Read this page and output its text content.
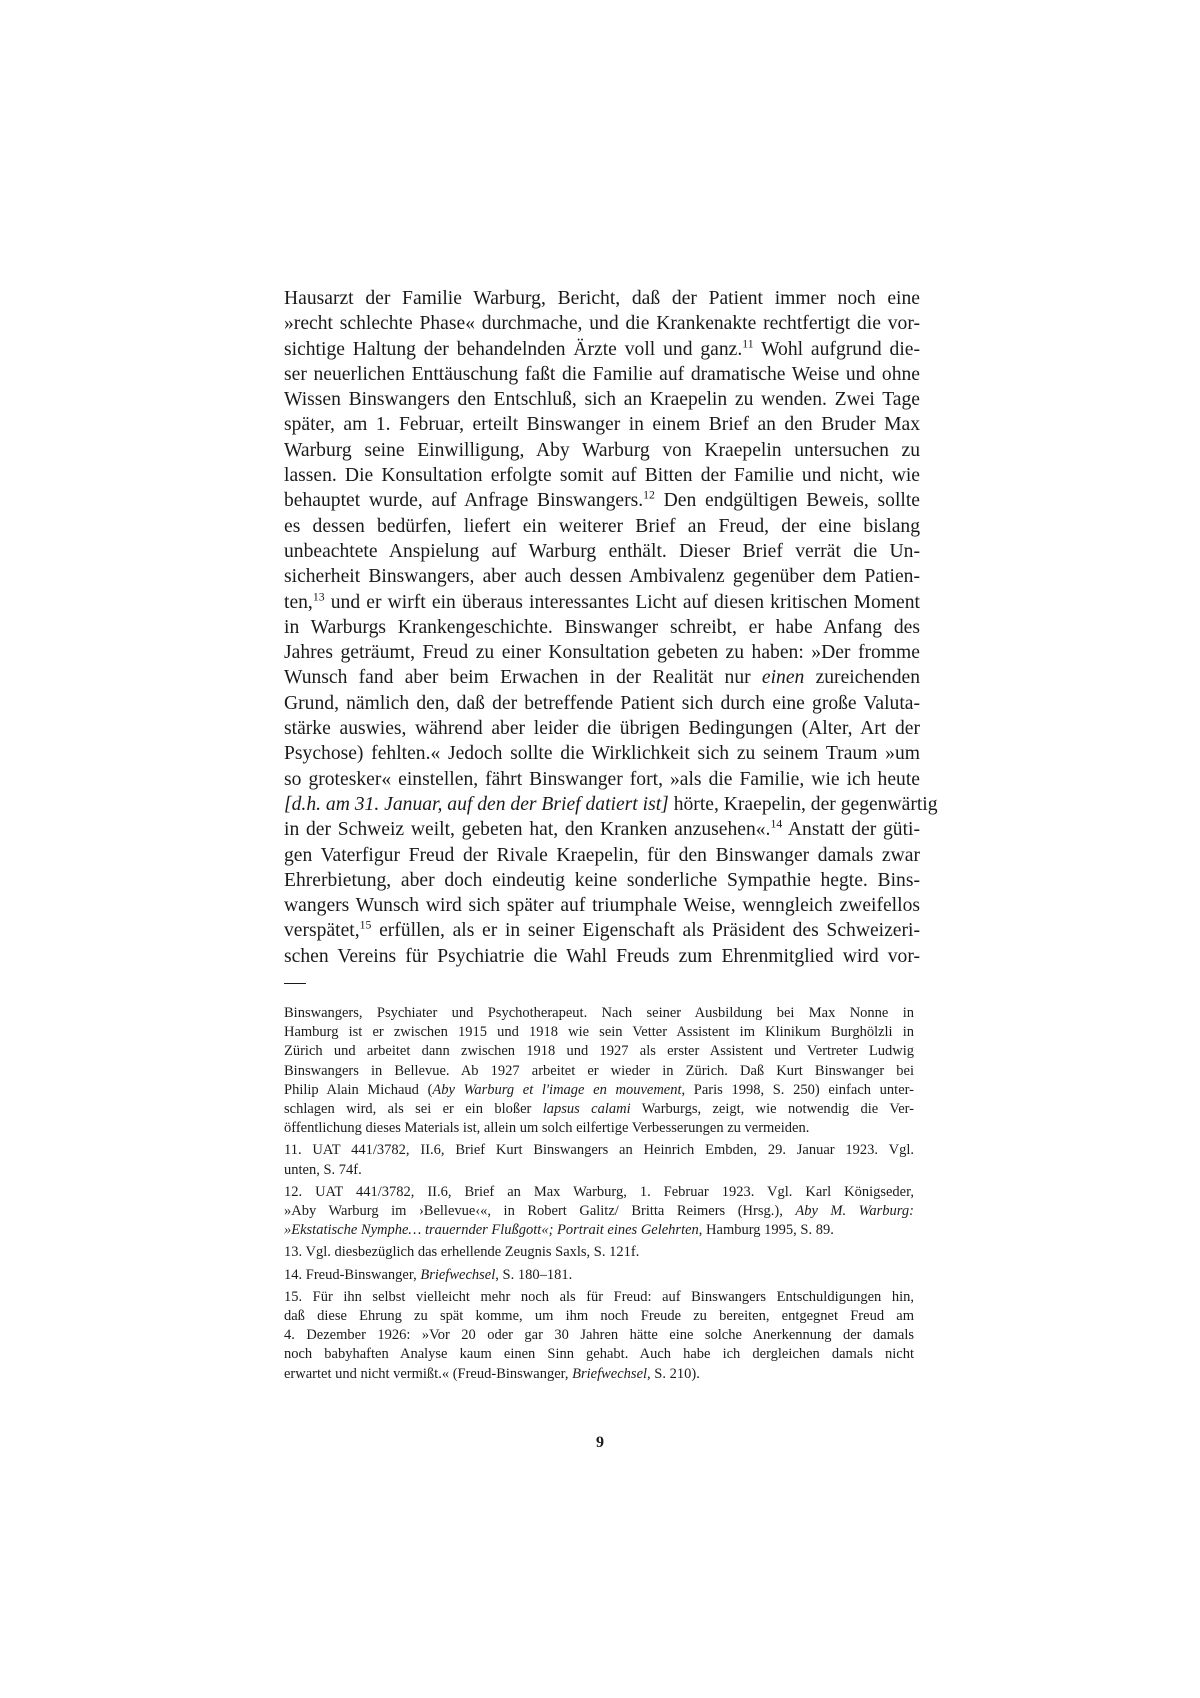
Hausarzt der Familie Warburg, Bericht, daß der Patient immer noch eine
»recht schlechte Phase« durchmache, und die Krankenakte rechtfertigt die vor-
sichtige Haltung der behandelnden Ärzte voll und ganz.$^{11}$ Wohl aufgrund die-
ser neuerlichen Enttäuschung faßt die Familie auf dramatische Weise und ohne
Wissen Binswangers den Entschluß, sich an Kraepelin zu wenden. Zwei Tage
später, am 1. Februar, erteilt Binswanger in einem Brief an den Bruder Max
Warburg seine Einwilligung, Aby Warburg von Kraepelin untersuchen zu
lassen. Die Konsultation erfolgte somit auf Bitten der Familie und nicht, wie
behauptet wurde, auf Anfrage Binswangers.$^{12}$ Den endgültigen Beweis, sollte
es dessen bedürfen, liefert ein weiterer Brief an Freud, der eine bislang
unbeachtete Anspielung auf Warburg enthält. Dieser Brief verrät die Un-
sicherheit Binswangers, aber auch dessen Ambivalenz gegenüber dem Patien-
ten,$^{13}$ und er wirft ein überaus interessantes Licht auf diesen kritischen Moment
in Warburgs Krankengeschichte. Binswanger schreibt, er habe Anfang des
Jahres geträumt, Freud zu einer Konsultation gebeten zu haben: »Der fromme
Wunsch fand aber beim Erwachen in der Realität nur einen zureichenden
Grund, nämlich den, daß der betreffende Patient sich durch eine große Valuta-
stärke auswies, während aber leider die übrigen Bedingungen (Alter, Art der
Psychose) fehlten.« Jedoch sollte die Wirklichkeit sich zu seinem Traum »um
so grotesker« einstellen, fährt Binswanger fort, »als die Familie, wie ich heute
[d.h. am 31. Januar, auf den der Brief datiert ist] hörte, Kraepelin, der gegenwärtig
in der Schweiz weilt, gebeten hat, den Kranken anzusehen«.$^{14}$ Anstatt der güti-
gen Vaterfigur Freud der Rivale Kraepelin, für den Binswanger damals zwar
Ehrerbietung, aber doch eindeutig keine sonderliche Sympathie hegte. Bins-
wangers Wunsch wird sich später auf triumphale Weise, wenngleich zweifellos
verspätet,$^{15}$ erfüllen, als er in seiner Eigenschaft als Präsident des Schweizeri-
schen Vereins für Psychiatrie die Wahl Freuds zum Ehrenmitglied wird vor-
Binswangers, Psychiater und Psychotherapeut. Nach seiner Ausbildung bei Max Nonne in
Hamburg ist er zwischen 1915 und 1918 wie sein Vetter Assistent im Klinikum Burghölzli in
Zürich und arbeitet dann zwischen 1918 und 1927 als erster Assistent und Vertreter Ludwig
Binswangers in Bellevue. Ab 1927 arbeitet er wieder in Zürich. Daß Kurt Binswanger bei
Philip Alain Michaud (Aby Warburg et l'image en mouvement, Paris 1998, S. 250) einfach unter-
schlagen wird, als sei er ein bloßer lapsus calami Warburgs, zeigt, wie notwendig die Ver-
öffentlichung dieses Materials ist, allein um solch eilfertige Verbesserungen zu vermeiden.
11. UAT 441/3782, II.6, Brief Kurt Binswangers an Heinrich Embden, 29. Januar 1923. Vgl.
unten, S. 74f.
12. UAT 441/3782, II.6, Brief an Max Warburg, 1. Februar 1923. Vgl. Karl Königseder,
»Aby Warburg im ›Bellevue‹«, in Robert Galitz/ Britta Reimers (Hrsg.), Aby M. Warburg:
»Ekstatische Nymphe… trauernder Flußgott«; Portrait eines Gelehrten, Hamburg 1995, S. 89.
13. Vgl. diesbezüglich das erhellende Zeugnis Saxls, S. 121f.
14. Freud-Binswanger, Briefwechsel, S. 180–181.
15. Für ihn selbst vielleicht mehr noch als für Freud: auf Binswangers Entschuldigungen hin,
daß diese Ehrung zu spät komme, um ihm noch Freude zu bereiten, entgegnet Freud am
4. Dezember 1926: »Vor 20 oder gar 30 Jahren hätte eine solche Anerkennung der damals
noch babyhaften Analyse kaum einen Sinn gehabt. Auch habe ich dergleichen damals nicht
erwartet und nicht vermißt.« (Freud-Binswanger, Briefwechsel, S. 210).
9
